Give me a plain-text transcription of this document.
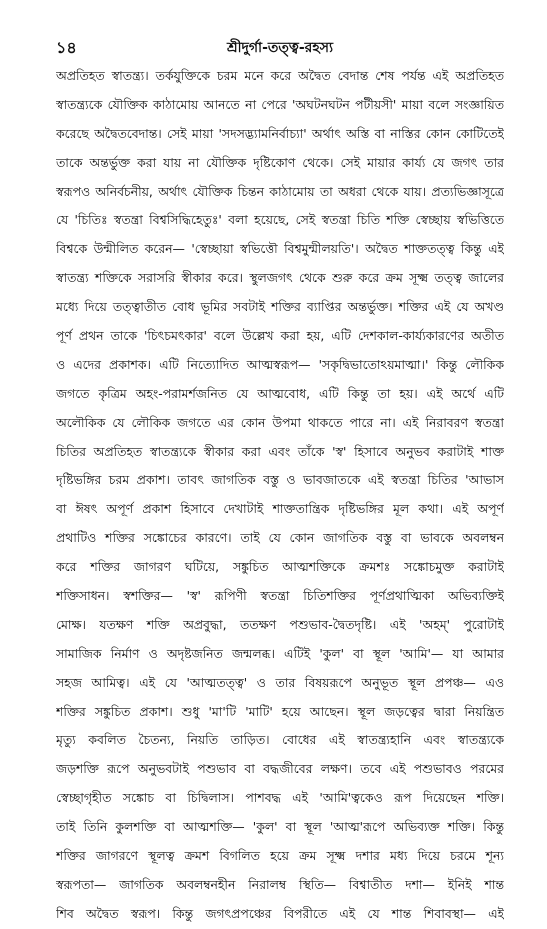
১৪	শ্রীদুর্গা-তত্ত্ব-রহস্য
অপ্রতিহত স্বাতন্ত্র্য। তর্কযুক্তিকে চরম মনে করে অদ্বৈত বেদান্ত শেষ পর্যন্ত এই অপ্রতিহত
স্বাতন্ত্র্যকে যৌক্তিক কাঠামোয় আনতে না পেরে 'অঘটনঘটন পটীয়সী' মায়া বলে সংজ্ঞায়িত
করেছে অদ্বৈতবেদান্ত। সেই মায়া 'সদসদ্ভ্যামনির্বাচ্যা' অর্থাৎ অস্তি বা নাস্তির কোন কোটিতেই
তাকে অন্তর্ভুক্ত করা যায় না যৌক্তিক দৃষ্টিকোণ থেকে। সেই মায়ার কার্য্য যে জগৎ তার
স্বরূপও অনির্বচনীয়, অর্থাৎ যৌক্তিক চিন্তন কাঠামোয় তা অধরা থেকে যায়। প্রত্যভিজ্ঞাসূত্রে
যে 'চিতিঃ স্বতন্ত্রা বিশ্বসিদ্ধিহেতুঃ' বলা হয়েছে, সেই স্বতন্ত্রা চিতি শক্তি স্বেচ্ছায় স্বভিত্তিতে
বিশ্বকে উন্মীলিত করেন— 'স্বেচ্ছায়া স্বভিত্তৌ বিশ্বমুন্মীলয়তি'। অদ্বৈত শাক্ততত্ত্ব কিন্তু এই
স্বাতন্ত্র্য শক্তিকে সরাসরি স্বীকার করে। স্থুলজগৎ থেকে শুরু করে ক্রম সূক্ষ্ম তত্ত্ব জালের
মধ্যে দিয়ে তত্ত্বাতীত বোধ ভূমির সবটাই শক্তির ব্যাপ্তির অন্তর্ভুক্ত। শক্তির এই যে অখণ্ড
পূর্ণ প্রথন তাকে 'চিৎচমৎকার' বলে উল্লেখ করা হয়, এটি দেশকাল-কার্য্যকারণের অতীত
ও এদের প্রকাশক। এটি নিত্যোদিত আত্মস্বরূপ— 'সকৃদ্বিভাতোঽয়মাত্মা।' কিন্তু লৌকিক
জগতে কৃত্রিম অহং-পরামর্শজনিত যে আত্মবোধ, এটি কিন্তু তা হয়। এই অর্থে এটি
অলৌকিক যে লৌকিক জগতে এর কোন উপমা থাকতে পারে না। এই নিরাবরণ স্বতন্ত্রা
চিতির অপ্রতিহত স্বাতন্ত্র্যকে স্বীকার করা এবং তাঁকে 'স্ব' হিসাবে অনুভব করাটাই শাক্ত
দৃষ্টিভঙ্গির চরম প্রকাশ। তাবৎ জাগতিক বস্তু ও ভাবজাতকে এই স্বতন্ত্রা চিতির 'আভাস
বা ঈষৎ অপূর্ণ প্রকাশ হিসাবে দেখাটাই শাক্ততান্ত্রিক দৃষ্টিভঙ্গির মূল কথা। এই অপূর্ণ
প্রথাটিও শক্তির সঙ্কোচের কারণে। তাই যে কোন জাগতিক বস্তু বা ভাবকে অবলম্বন
করে শক্তির জাগরণ ঘটিয়ে, সঙ্কুচিত আত্মশক্তিকে ক্রমশঃ সঙ্কোচমুক্ত করাটাই
শক্তিসাধন। স্বশক্তির— 'স্ব' রূপিণী স্বতন্ত্রা চিতিশক্তির পূর্ণপ্রথাত্মিকা অভিব্যক্তিই
মোক্ষ। যতক্ষণ শক্তি অপ্রবুদ্ধা, ততক্ষণ পশুভাব-দ্বৈতদৃষ্টি। এই 'অহম্' পুরোটাই
সামাজিক নির্মাণ ও অদৃষ্টজনিত জন্মলব্ধ। এটিই 'কুল' বা স্থূল 'আমি'— যা আমার
সহজ আমিত্ব। এই যে 'আত্মতত্ত্ব' ও তার বিষয়রূপে অনুভূত স্থূল প্রপঞ্চ— এও
শক্তির সঙ্কুচিত প্রকাশ। শুধু 'মা'টি 'মাটি' হয়ে আছেন। স্থূল জড়ত্বের দ্বারা নিয়ন্ত্রিত
মৃত্যু কবলিত চৈতন্য, নিয়তি তাড়িত। বোধের এই স্বাতন্ত্র্যহানি এবং স্বাতন্ত্র্যকে
জড়শক্তি রূপে অনুভবটাই পশুভাব বা বদ্ধজীবের লক্ষণ। তবে এই পশুভাবও পরমের
স্বেচ্ছাগৃহীত সঙ্কোচ বা চিদ্বিলাস। পাশবদ্ধ এই 'আমি'ত্বকেও রূপ দিয়েছেন শক্তি।
তাই তিনি কুলশক্তি বা আত্মশক্তি— 'কুল' বা স্থূল 'আত্ম'রূপে অভিব্যক্ত শক্তি। কিন্তু
শক্তির জাগরণে স্থূলত্ব ক্রমশ বিগলিত হয়ে ক্রম সূক্ষ্ম দশার মধ্য দিয়ে চরমে শূন্য
স্বরূপতা— জাগতিক অবলম্বনহীন নিরালম্ব স্থিতি— বিশ্বাতীত দশা— ইনিই শান্ত
শিব অদ্বৈত স্বরূপ। কিন্তু জগৎপ্রপঞ্চের বিপরীতে এই যে শান্ত শিবাবস্থা— এই
